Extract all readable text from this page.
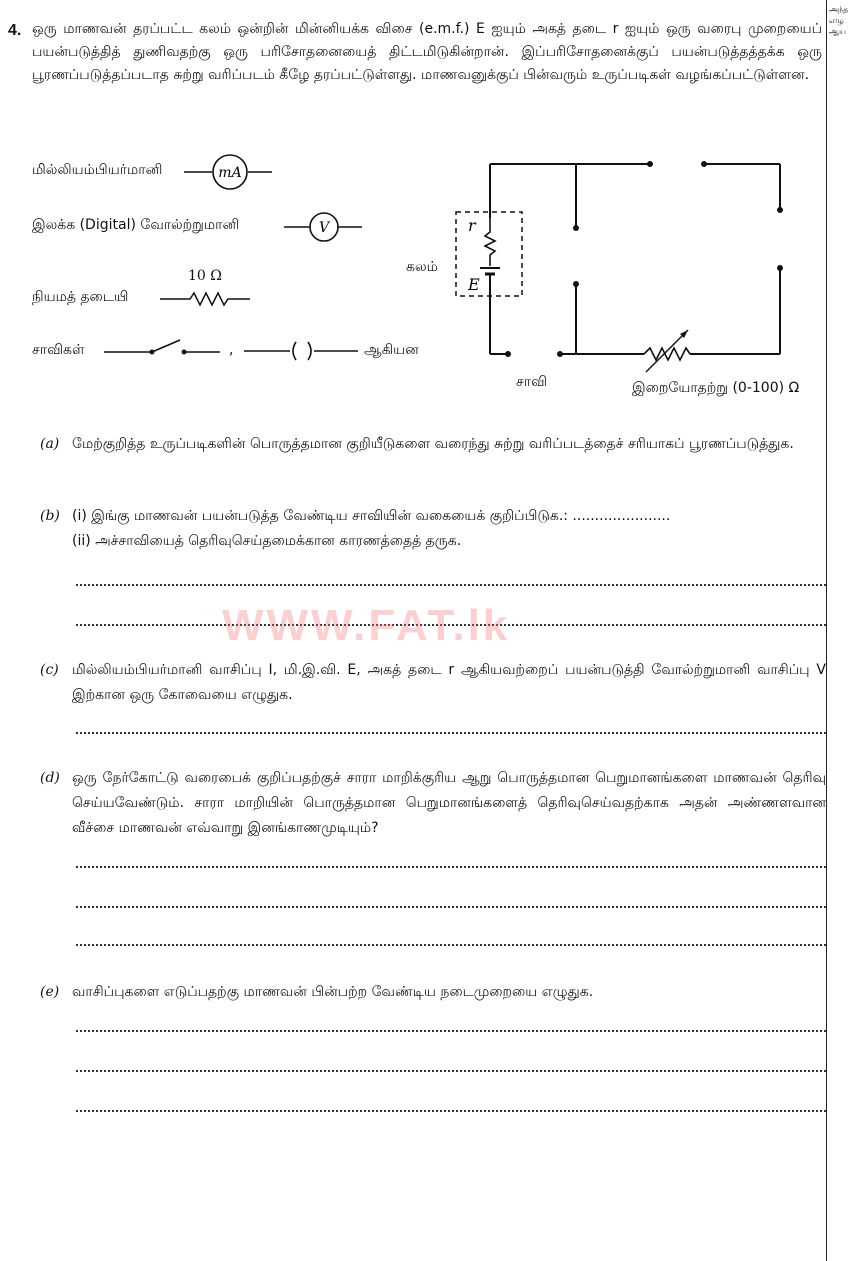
அந்த எழு ஆய
4. ஒரு மாணவன் தரப்பட்ட கலம் ஒன்றின் மின்னியக்க விசை (e.m.f.) E ஐயும் அகத் தடை r ஐயும் ஒரு வரைபு முறையைப் பயன்படுத்தித் துணிவதற்கு ஒரு பரிசோதனையைத் திட்டமிடுகின்றான். இப்பரிசோதனைக்குப் பயன்படுத்தத்தக்க ஒரு பூரணப்படுத்தப்படாத சுற்று வரிப்படம் கீழே தரப்பட்டுள்ளது. மாணவனுக்குப் பின்வரும் உருப்படிகள் வழங்கப்பட்டுள்ளன.
மில்லியம்பியர்மானி	mA
இலக்க (Digital) வோல்ற்றுமானி	V
நியமத் தடையி
10 Ω
சாவிகள்	,	ஆகியன
r
E
கலம்
சாவி	இறையோதற்று (0-100) Ω
(a) மேற்குறித்த உருப்படிகளின் பொருத்தமான குறியீடுகளை வரைந்து சுற்று வரிப்படத்தைச் சரியாகப் பூரணப்படுத்துக.
(b) (i) இங்கு மாணவன் பயன்படுத்த வேண்டிய சாவியின் வகையைக் குறிப்பிடுக.: ......................
(ii) அச்சாவியைத் தெரிவுசெய்தமைக்கான காரணத்தைத் தருக.
WWW.FAT.lk
(c) மில்லியம்பியர்மானி வாசிப்பு I, மி.இ.வி. E, அகத் தடை r ஆகியவற்றைப் பயன்படுத்தி வோல்ற்றுமானி வாசிப்பு V இற்கான ஒரு கோவையை எழுதுக.
(d) ஒரு நேர்கோட்டு வரைபைக் குறிப்பதற்குச் சாரா மாறிக்குரிய ஆறு பொருத்தமான பெறுமானங்களை மாணவன் தெரிவு செய்யவேண்டும். சாரா மாறியின் பொருத்தமான பெறுமானங்களைத் தெரிவுசெய்வதற்காக அதன் அண்ணளவான வீச்சை மாணவன் எவ்வாறு இனங்காணமுடியும்?
(e) வாசிப்புகளை எடுப்பதற்கு மாணவன் பின்பற்ற வேண்டிய நடைமுறையை எழுதுக.
